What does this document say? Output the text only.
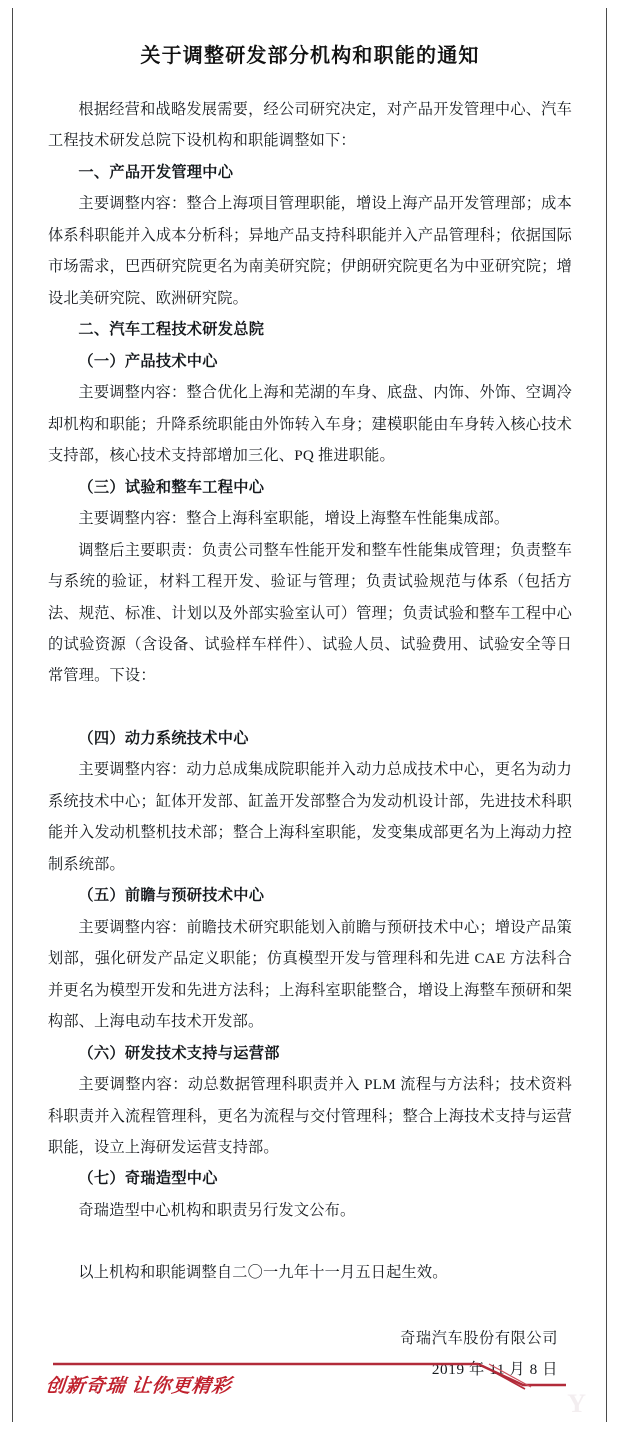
关于调整研发部分机构和职能的通知

根据经营和战略发展需要，经公司研究决定，对产品开发管理中心、汽车工程技术研发总院下设机构和职能调整如下：

一、产品开发管理中心

主要调整内容：整合上海项目管理职能，增设上海产品开发管理部；成本体系科职能并入成本分析科；异地产品支持科职能并入产品管理科；依据国际市场需求，巴西研究院更名为南美研究院；伊朗研究院更名为中亚研究院；增设北美研究院、欧洲研究院。

二、汽车工程技术研发总院

（一）产品技术中心

主要调整内容：整合优化上海和芜湖的车身、底盘、内饰、外饰、空调冷却机构和职能；升降系统职能由外饰转入车身；建模职能由车身转入核心技术支持部，核心技术支持部增加三化、PQ 推进职能。

（三）试验和整车工程中心

主要调整内容：整合上海科室职能，增设上海整车性能集成部。

调整后主要职责：负责公司整车性能开发和整车性能集成管理；负责整车与系统的验证，材料工程开发、验证与管理；负责试验规范与体系（包括方法、规范、标准、计划以及外部实验室认可）管理；负责试验和整车工程中心的试验资源（含设备、试验样车样件）、试验人员、试验费用、试验安全等日常管理。下设：

（四）动力系统技术中心

主要调整内容：动力总成集成院职能并入动力总成技术中心，更名为动力系统技术中心；缸体开发部、缸盖开发部整合为发动机设计部，先进技术科职能并入发动机整机技术部；整合上海科室职能，发变集成部更名为上海动力控制系统部。

（五）前瞻与预研技术中心

主要调整内容：前瞻技术研究职能划入前瞻与预研技术中心；增设产品策划部，强化研发产品定义职能；仿真模型开发与管理科和先进 CAE 方法科合并更名为模型开发和先进方法科；上海科室职能整合，增设上海整车预研和架构部、上海电动车技术开发部。

（六）研发技术支持与运营部

主要调整内容：动总数据管理科职责并入 PLM 流程与方法科；技术资料科职责并入流程管理科，更名为流程与交付管理科；整合上海技术支持与运营职能，设立上海研发运营支持部。

（七）奇瑞造型中心

奇瑞造型中心机构和职责另行发文公布。

以上机构和职能调整自二〇一九年十一月五日起生效。

奇瑞汽车股份有限公司
2019 年 11 月 8 日
创新奇瑞 让你更精彩
Y
